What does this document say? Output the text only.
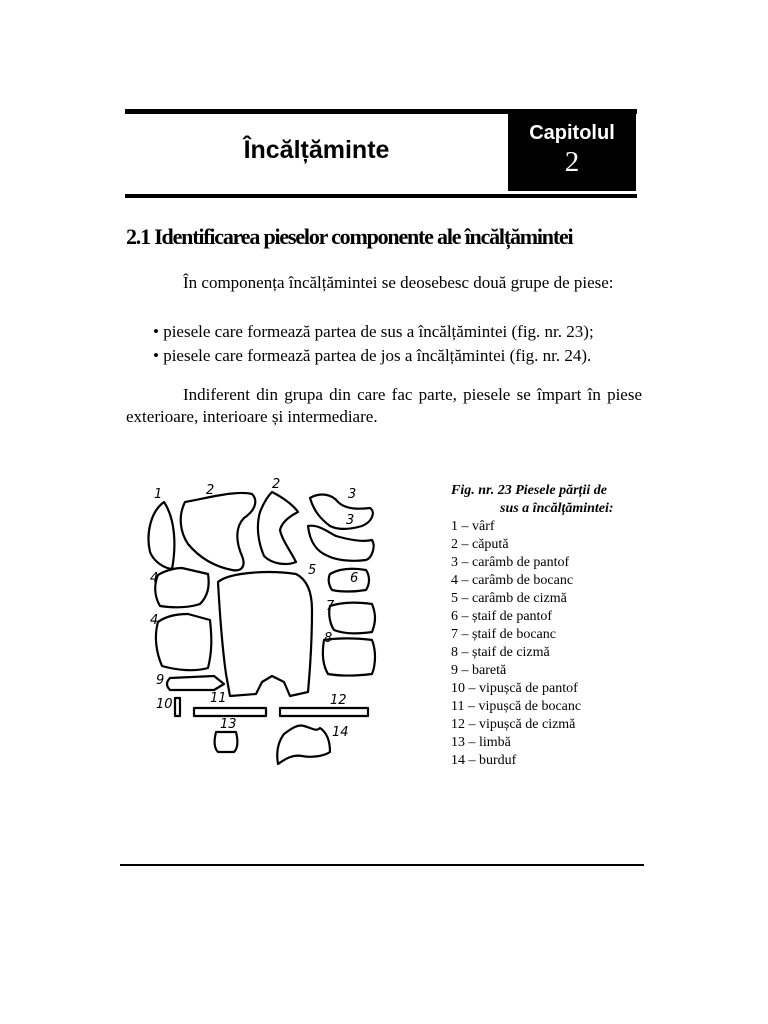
Încălțăminte
Capitolul
2
2.1 Identificarea pieselor componente ale încălțămintei
În componența încălțămintei se deosebesc două grupe de piese:
• piesele care formează partea de sus a încălțămintei (fig. nr. 23);
• piesele care formează partea de jos a încălțămintei (fig. nr. 24).
Indiferent din grupa din care fac parte, piesele se împart în piese exterioare, interioare și intermediare.
1	2	2
3
3
4
4
5
6
7
8
9
10	11	12
13
14
Fig. nr. 23 Piesele părții de
sus a încălțămintei:
1 – vârf
2 – căpută
3 – carâmb de pantof
4 – carâmb de bocanc
5 – carâmb de cizmă
6 – ștaif de pantof
7 – ștaif de bocanc
8 – ștaif de cizmă
9 – baretă
10 – vipușcă de pantof
11 – vipușcă de bocanc
12 – vipușcă de cizmă
13 – limbă
14 – burduf
